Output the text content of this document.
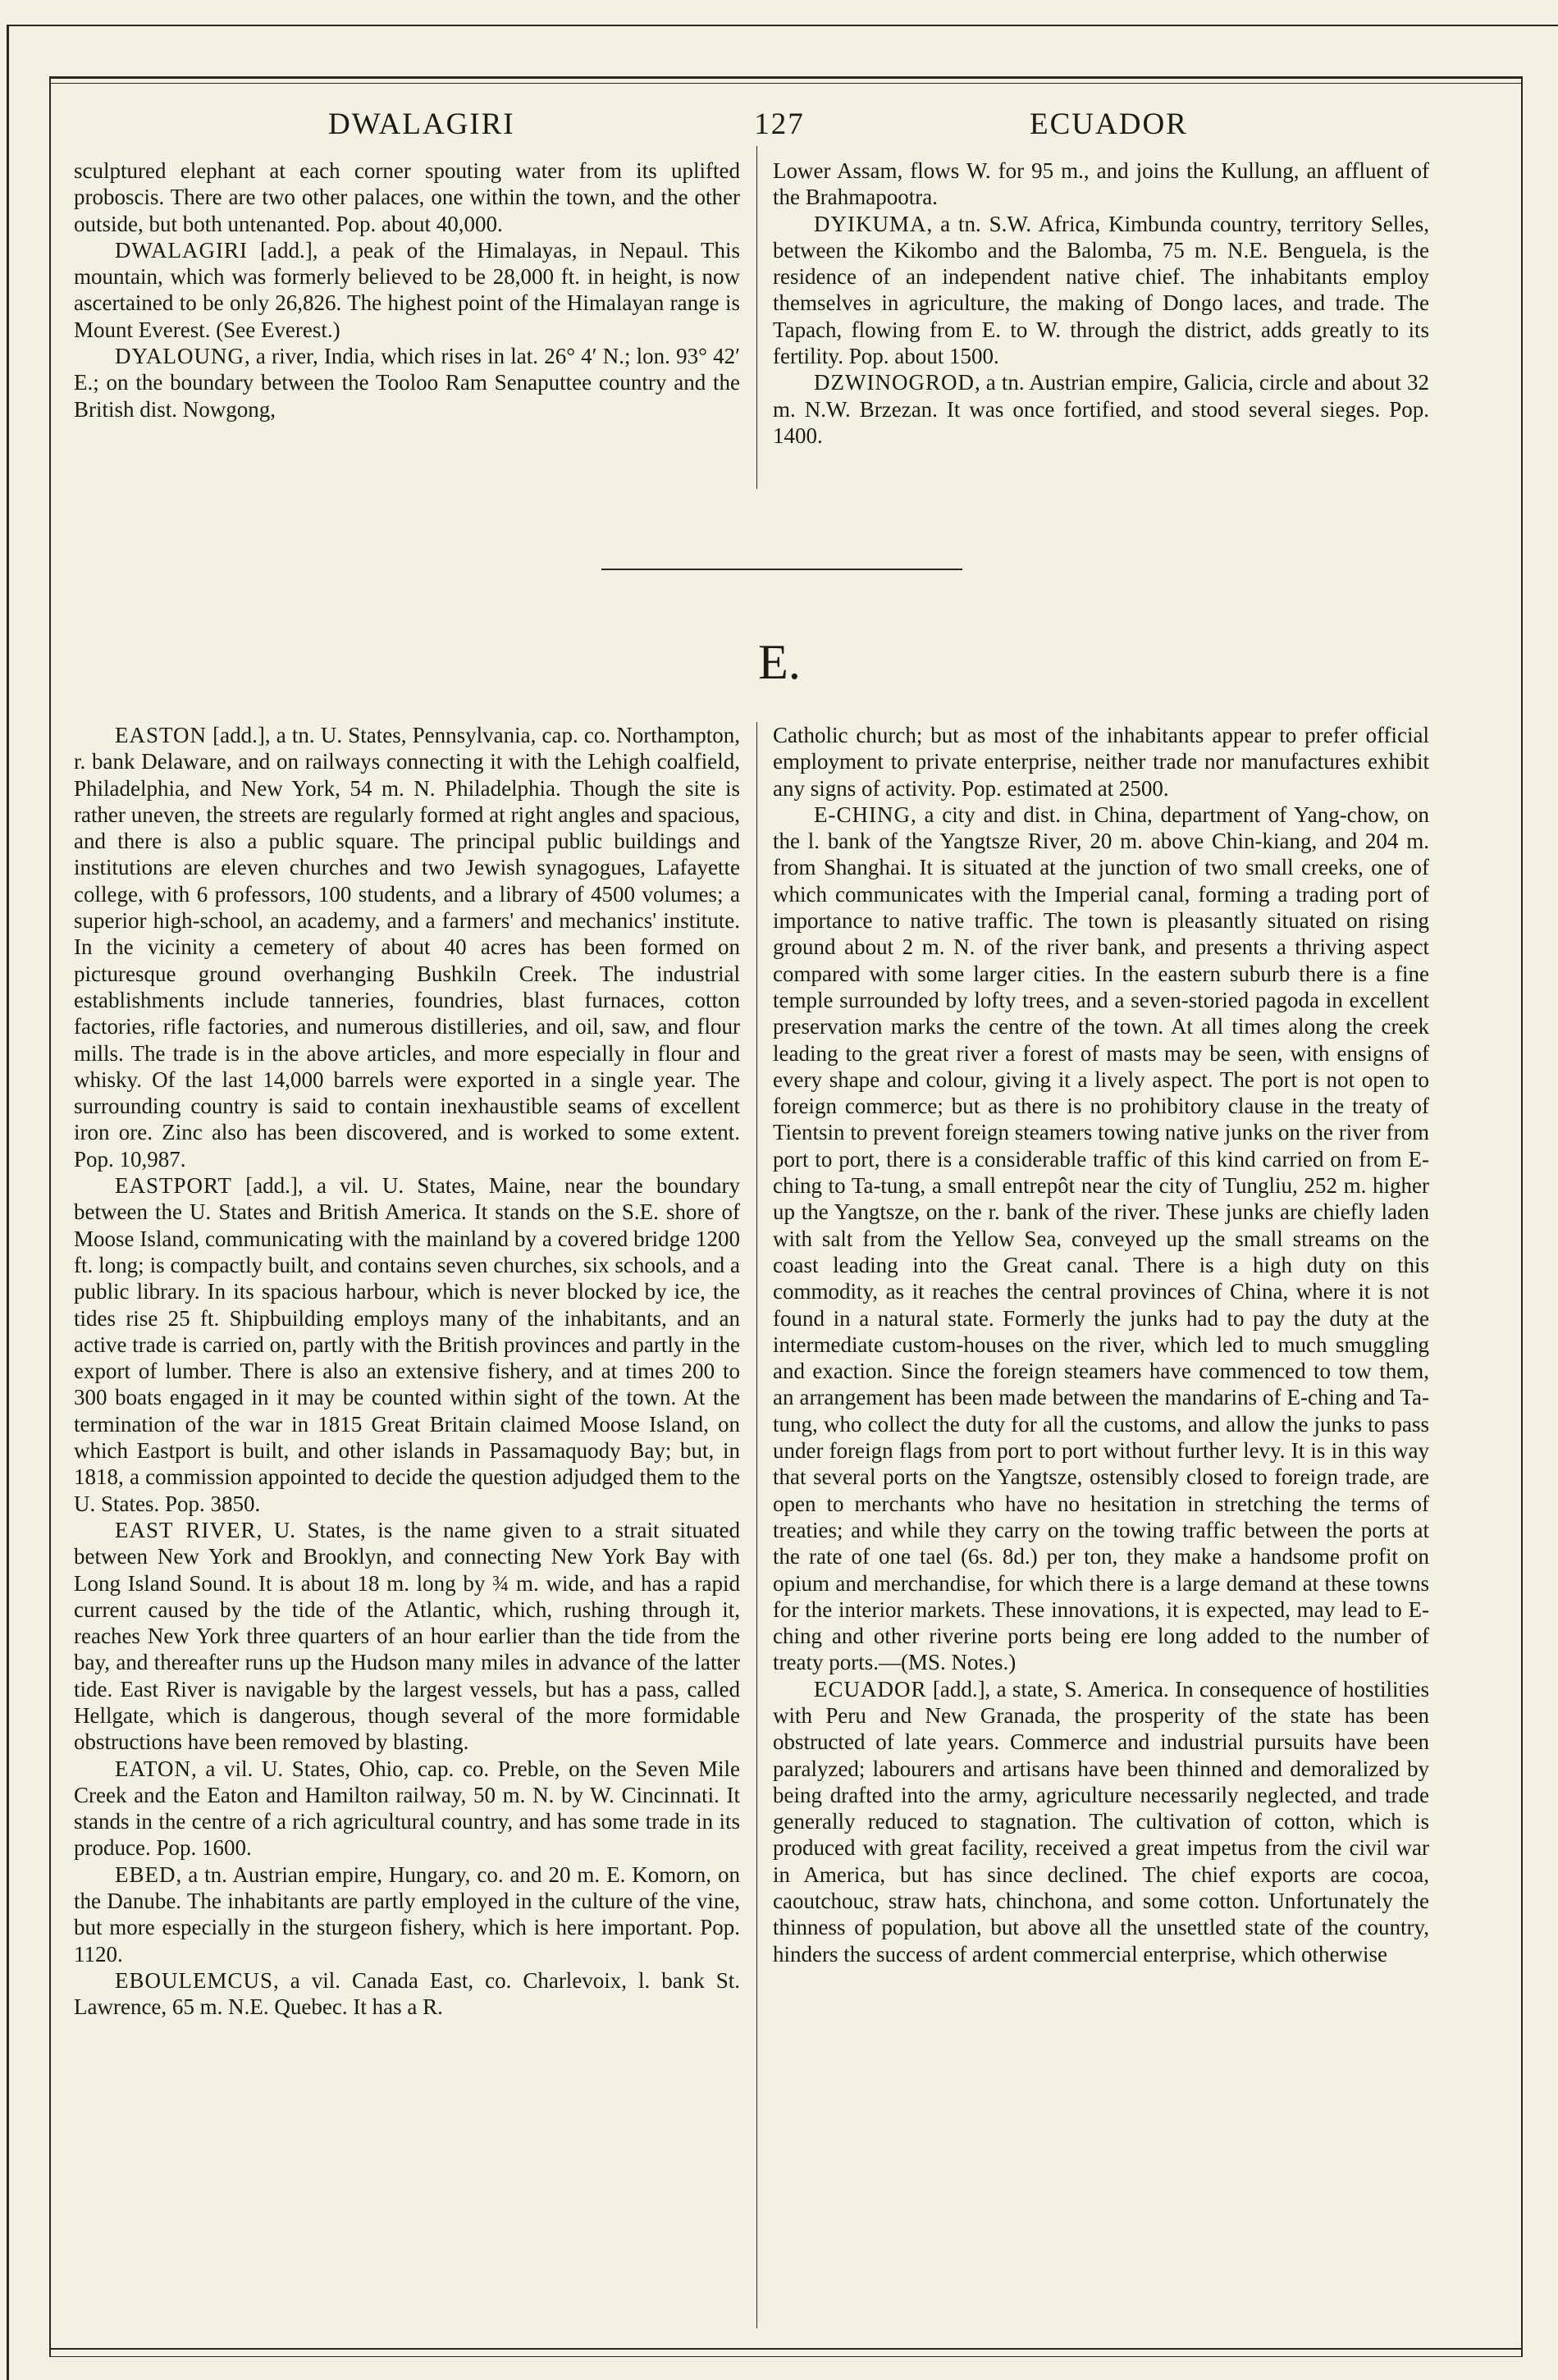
DWALAGIRI	127	ECUADOR

sculptured elephant at each corner spouting water from its uplifted proboscis. There are two other palaces, one within the town, and the other outside, but both untenanted. Pop. about 40,000.

DWALAGIRI [add.], a peak of the Himalayas, in Nepaul. This mountain, which was formerly believed to be 28,000 ft. in height, is now ascertained to be only 26,826. The highest point of the Himalayan range is Mount Everest. (See Everest.)

DYALOUNG, a river, India, which rises in lat. 26° 4′ N.; lon. 93° 42′ E.; on the boundary between the Tooloo Ram Senaputtee country and the British dist. Nowgong,

Lower Assam, flows W. for 95 m., and joins the Kullung, an affluent of the Brahmapootra.

DYIKUMA, a tn. S.W. Africa, Kimbunda country, territory Selles, between the Kikombo and the Balomba, 75 m. N.E. Benguela, is the residence of an independent native chief. The inhabitants employ themselves in agriculture, the making of Dongo laces, and trade. The Tapach, flowing from E. to W. through the district, adds greatly to its fertility. Pop. about 1500.

DZWINOGROD, a tn. Austrian empire, Galicia, circle and about 32 m. N.W. Brzezan. It was once fortified, and stood several sieges. Pop. 1400.

E.

EASTON [add.], a tn. U. States, Pennsylvania, cap. co. Northampton, r. bank Delaware, and on railways connecting it with the Lehigh coalfield, Philadelphia, and New York, 54 m. N. Philadelphia. Though the site is rather uneven, the streets are regularly formed at right angles and spacious, and there is also a public square. The principal public buildings and institutions are eleven churches and two Jewish synagogues, Lafayette college, with 6 professors, 100 students, and a library of 4500 volumes; a superior high-school, an academy, and a farmers' and mechanics' institute. In the vicinity a cemetery of about 40 acres has been formed on picturesque ground overhanging Bushkiln Creek. The industrial establishments include tanneries, foundries, blast furnaces, cotton factories, rifle factories, and numerous distilleries, and oil, saw, and flour mills. The trade is in the above articles, and more especially in flour and whisky. Of the last 14,000 barrels were exported in a single year. The surrounding country is said to contain inexhaustible seams of excellent iron ore. Zinc also has been discovered, and is worked to some extent. Pop. 10,987.

EASTPORT [add.], a vil. U. States, Maine, near the boundary between the U. States and British America. It stands on the S.E. shore of Moose Island, communicating with the mainland by a covered bridge 1200 ft. long; is compactly built, and contains seven churches, six schools, and a public library. In its spacious harbour, which is never blocked by ice, the tides rise 25 ft. Shipbuilding employs many of the inhabitants, and an active trade is carried on, partly with the British provinces and partly in the export of lumber. There is also an extensive fishery, and at times 200 to 300 boats engaged in it may be counted within sight of the town. At the termination of the war in 1815 Great Britain claimed Moose Island, on which Eastport is built, and other islands in Passamaquody Bay; but, in 1818, a commission appointed to decide the question adjudged them to the U. States. Pop. 3850.

EAST RIVER, U. States, is the name given to a strait situated between New York and Brooklyn, and connecting New York Bay with Long Island Sound. It is about 18 m. long by ¾ m. wide, and has a rapid current caused by the tide of the Atlantic, which, rushing through it, reaches New York three quarters of an hour earlier than the tide from the bay, and thereafter runs up the Hudson many miles in advance of the latter tide. East River is navigable by the largest vessels, but has a pass, called Hellgate, which is dangerous, though several of the more formidable obstructions have been removed by blasting.

EATON, a vil. U. States, Ohio, cap. co. Preble, on the Seven Mile Creek and the Eaton and Hamilton railway, 50 m. N. by W. Cincinnati. It stands in the centre of a rich agricultural country, and has some trade in its produce. Pop. 1600.

EBED, a tn. Austrian empire, Hungary, co. and 20 m. E. Komorn, on the Danube. The inhabitants are partly employed in the culture of the vine, but more especially in the sturgeon fishery, which is here important. Pop. 1120.

EBOULEMCUS, a vil. Canada East, co. Charlevoix, l. bank St. Lawrence, 65 m. N.E. Quebec. It has a R.

Catholic church; but as most of the inhabitants appear to prefer official employment to private enterprise, neither trade nor manufactures exhibit any signs of activity. Pop. estimated at 2500.

E-CHING, a city and dist. in China, department of Yang-chow, on the l. bank of the Yangtsze River, 20 m. above Chin-kiang, and 204 m. from Shanghai. It is situated at the junction of two small creeks, one of which communicates with the Imperial canal, forming a trading port of importance to native traffic. The town is pleasantly situated on rising ground about 2 m. N. of the river bank, and presents a thriving aspect compared with some larger cities. In the eastern suburb there is a fine temple surrounded by lofty trees, and a seven-storied pagoda in excellent preservation marks the centre of the town. At all times along the creek leading to the great river a forest of masts may be seen, with ensigns of every shape and colour, giving it a lively aspect. The port is not open to foreign commerce; but as there is no prohibitory clause in the treaty of Tientsin to prevent foreign steamers towing native junks on the river from port to port, there is a considerable traffic of this kind carried on from E-ching to Ta-tung, a small entrepôt near the city of Tungliu, 252 m. higher up the Yangtsze, on the r. bank of the river. These junks are chiefly laden with salt from the Yellow Sea, conveyed up the small streams on the coast leading into the Great canal. There is a high duty on this commodity, as it reaches the central provinces of China, where it is not found in a natural state. Formerly the junks had to pay the duty at the intermediate custom-houses on the river, which led to much smuggling and exaction. Since the foreign steamers have commenced to tow them, an arrangement has been made between the mandarins of E-ching and Ta-tung, who collect the duty for all the customs, and allow the junks to pass under foreign flags from port to port without further levy. It is in this way that several ports on the Yangtsze, ostensibly closed to foreign trade, are open to merchants who have no hesitation in stretching the terms of treaties; and while they carry on the towing traffic between the ports at the rate of one tael (6s. 8d.) per ton, they make a handsome profit on opium and merchandise, for which there is a large demand at these towns for the interior markets. These innovations, it is expected, may lead to E-ching and other riverine ports being ere long added to the number of treaty ports.—(MS. Notes.)

ECUADOR [add.], a state, S. America. In consequence of hostilities with Peru and New Granada, the prosperity of the state has been obstructed of late years. Commerce and industrial pursuits have been paralyzed; labourers and artisans have been thinned and demoralized by being drafted into the army, agriculture necessarily neglected, and trade generally reduced to stagnation. The cultivation of cotton, which is produced with great facility, received a great impetus from the civil war in America, but has since declined. The chief exports are cocoa, caoutchouc, straw hats, chinchona, and some cotton. Unfortunately the thinness of population, but above all the unsettled state of the country, hinders the success of ardent commercial enterprise, which otherwise
